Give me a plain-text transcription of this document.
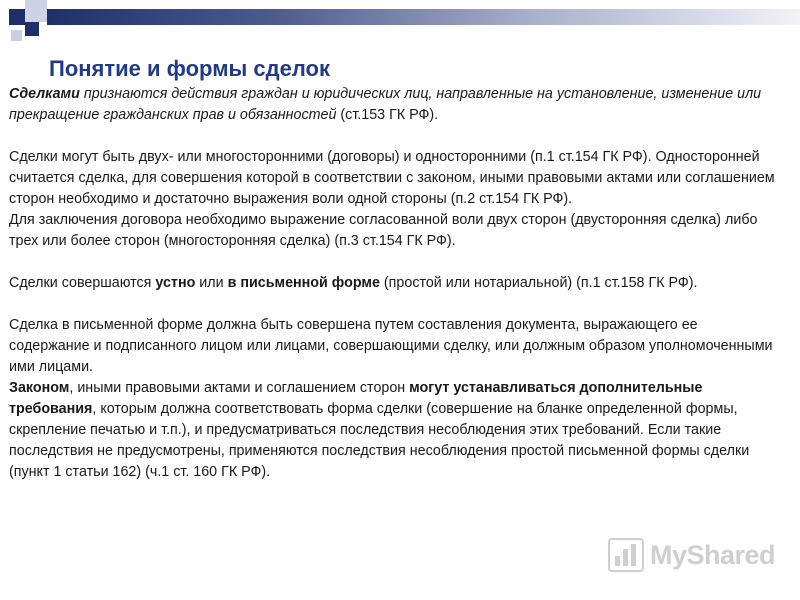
Понятие и формы сделок

Сделками признаются действия граждан и юридических лиц, направленные на установление, изменение или прекращение гражданских прав и обязанностей (ст.153 ГК РФ).

Сделки могут быть двух- или многосторонними (договоры) и односторонними (п.1 ст.154 ГК РФ). Односторонней считается сделка, для совершения которой в соответствии с законом, иными правовыми актами или соглашением сторон необходимо и достаточно выражения воли одной стороны (п.2 ст.154 ГК РФ).

Для заключения договора необходимо выражение согласованной воли двух сторон (двусторонняя сделка) либо трех или более сторон (многосторонняя сделка) (п.3 ст.154 ГК РФ).

Сделки совершаются устно или в письменной форме (простой или нотариальной) (п.1 ст.158 ГК РФ).

Сделка в письменной форме должна быть совершена путем составления документа, выражающего ее содержание и подписанного лицом или лицами, совершающими сделку, или должным образом уполномоченными ими лицами.

Законом, иными правовыми актами и соглашением сторон могут устанавливаться дополнительные требования, которым должна соответствовать форма сделки (совершение на бланке определенной формы, скрепление печатью и т.п.), и предусматриваться последствия несоблюдения этих требований. Если такие последствия не предусмотрены, применяются последствия несоблюдения простой письменной формы сделки (пункт 1 статьи 162) (ч.1 ст. 160 ГК РФ).

MyShared
